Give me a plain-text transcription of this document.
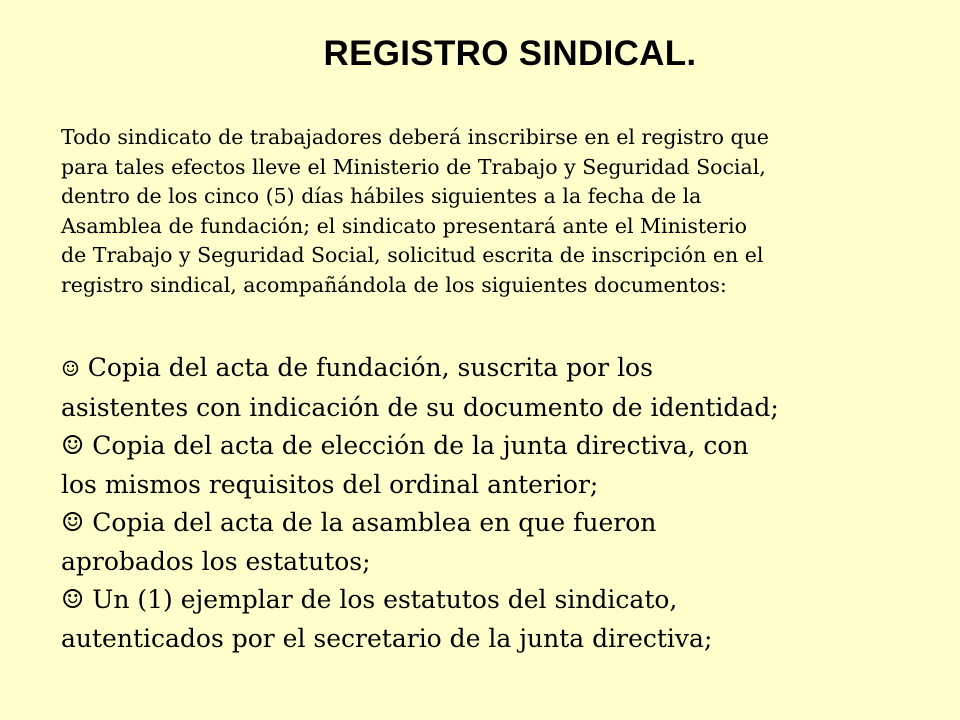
REGISTRO SINDICAL.

Todo sindicato de trabajadores deberá inscribirse en el registro que
para tales efectos lleve el Ministerio de Trabajo y Seguridad Social,
dentro de los cinco (5) días hábiles siguientes a la fecha de la
Asamblea de fundación; el sindicato presentará ante el Ministerio
de Trabajo y Seguridad Social, solicitud escrita de inscripción en el
registro sindical, acompañándola de los siguientes documentos:

☺ Copia del acta de fundación, suscrita por los
asistentes con indicación de su documento de identidad;
☺ Copia del acta de elección de la junta directiva, con
los mismos requisitos del ordinal anterior;
☺ Copia del acta de la asamblea en que fueron
aprobados los estatutos;
☺ Un (1) ejemplar de los estatutos del sindicato,
autenticados por el secretario de la junta directiva;
